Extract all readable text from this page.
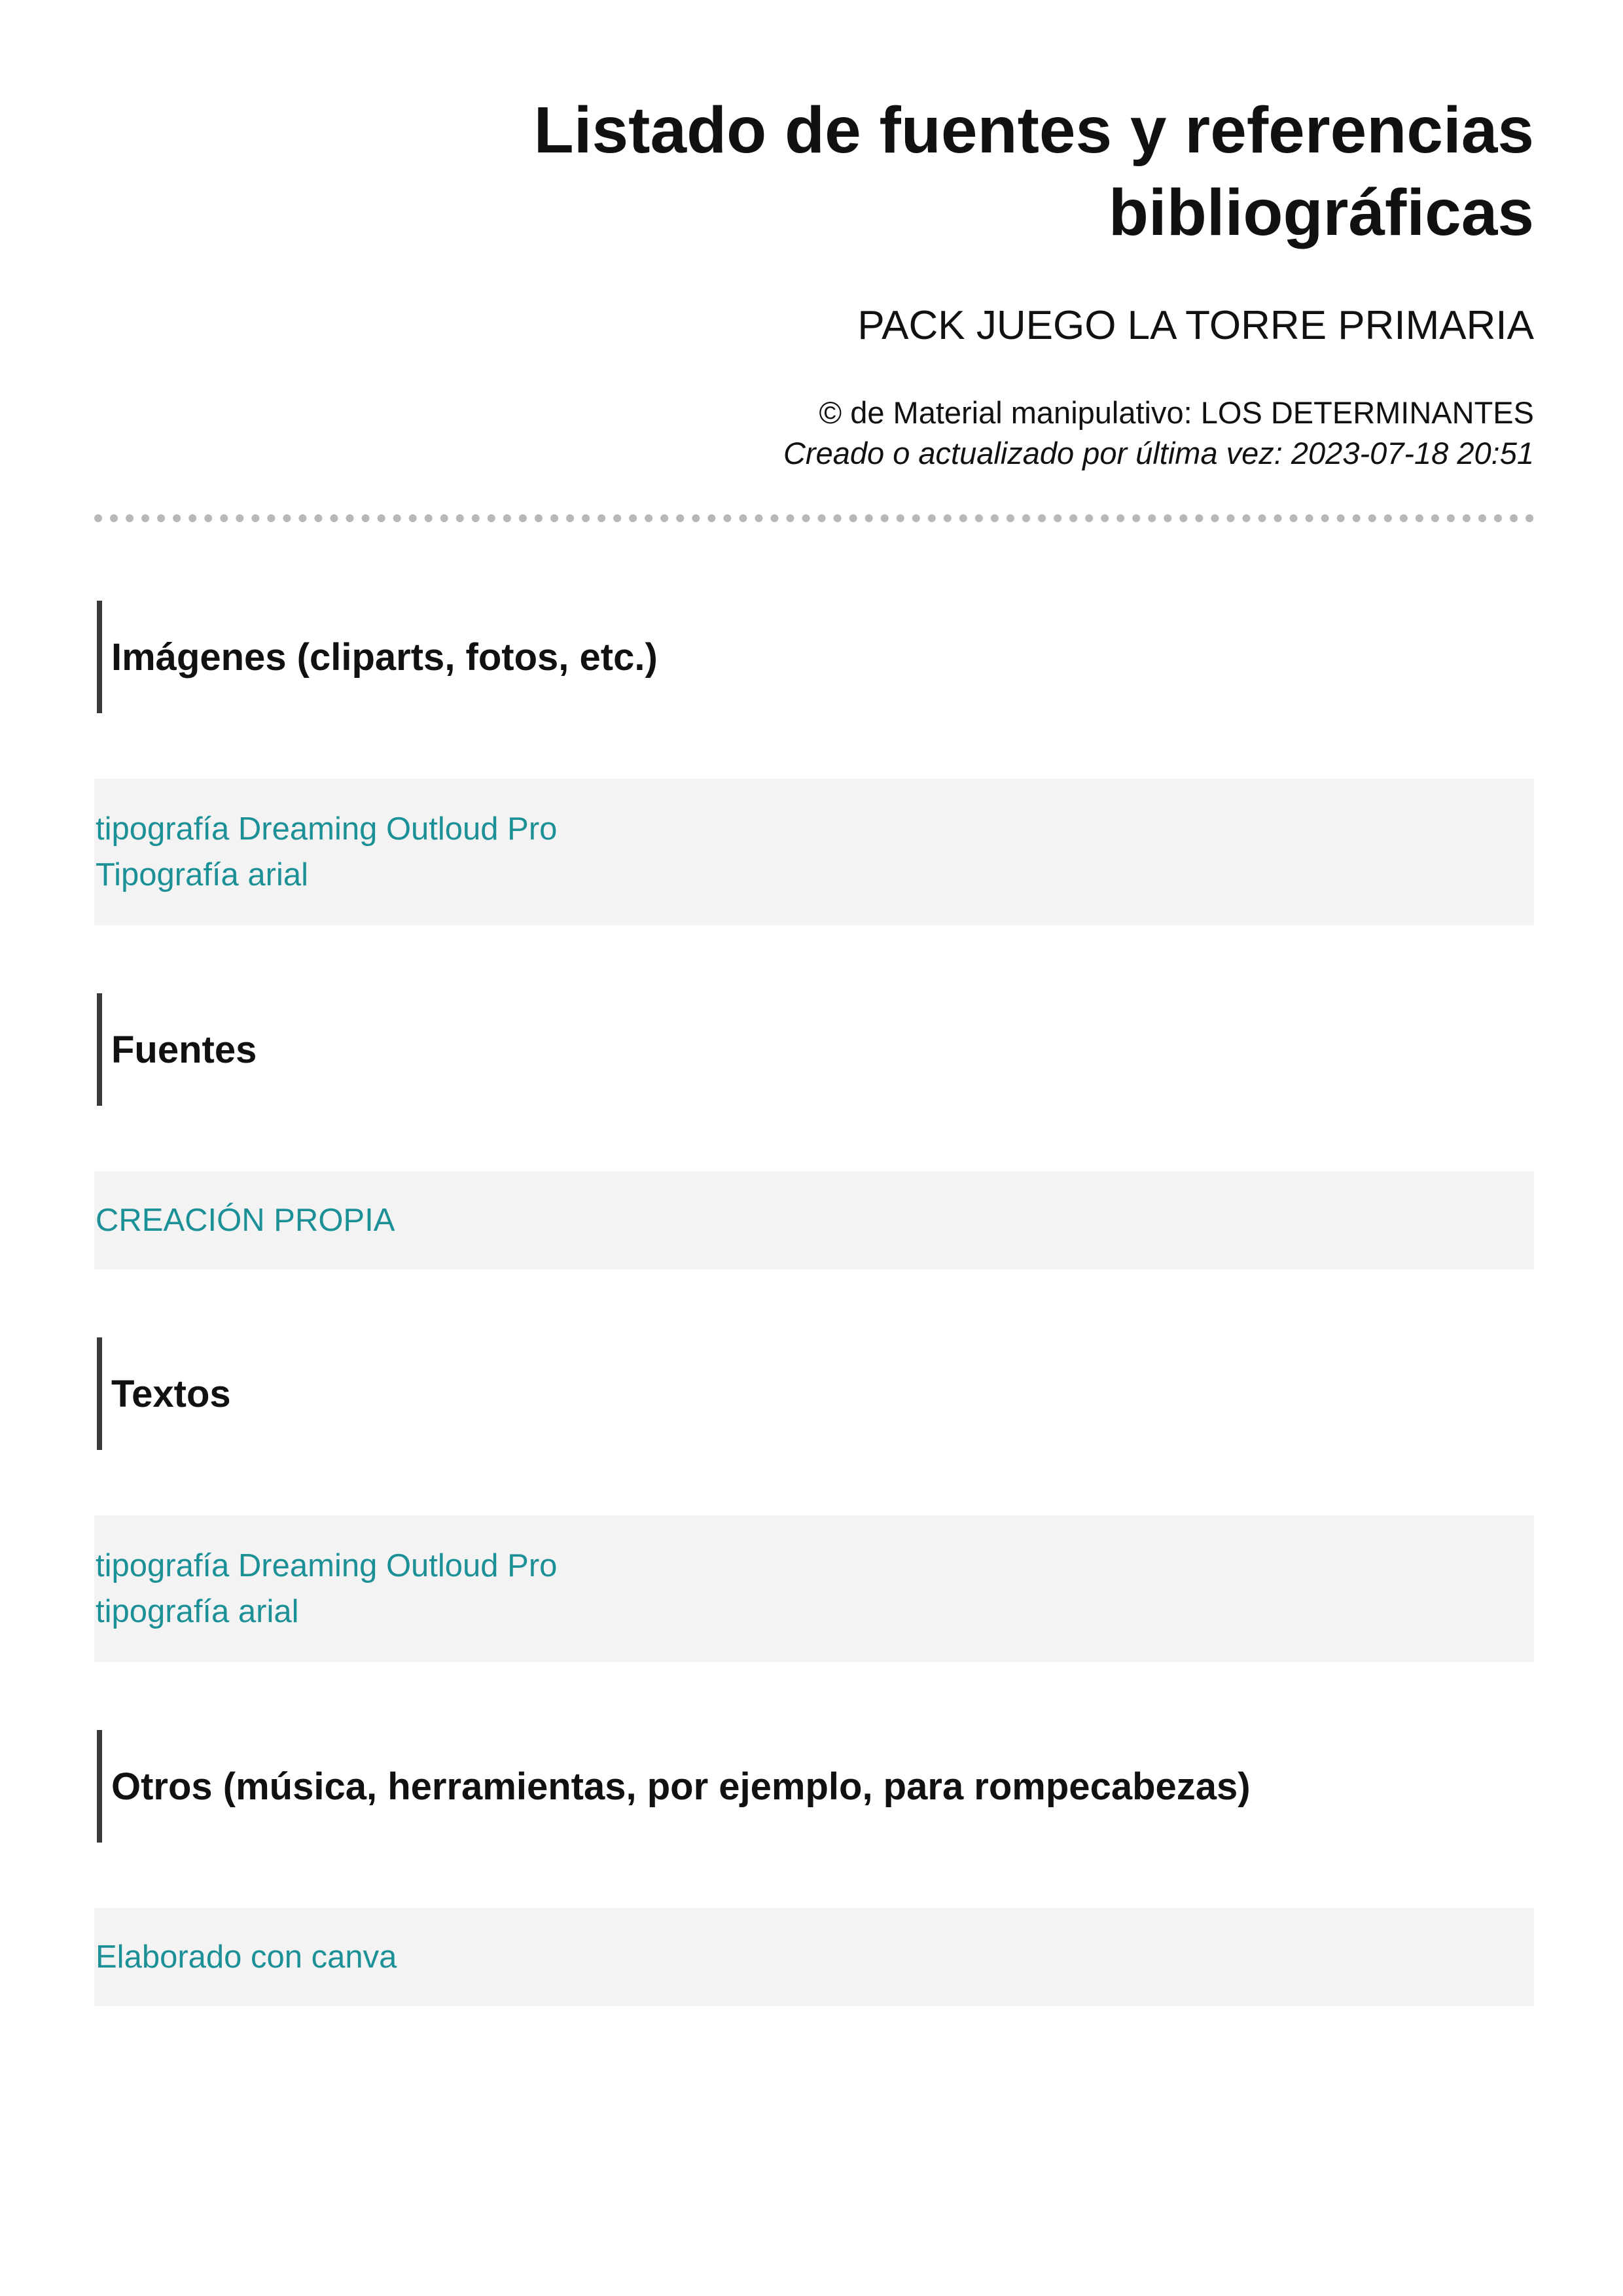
Listado de fuentes y referencias
bibliográficas

PACK JUEGO LA TORRE PRIMARIA

© de Material manipulativo: LOS DETERMINANTES

Creado o actualizado por última vez: 2023-07-18 20:51

Imágenes (cliparts, fotos, etc.)
tipografía Dreaming Outloud Pro
Tipografía arial
Fuentes
CREACIÓN PROPIA
Textos
tipografía Dreaming Outloud Pro
tipografía arial
Otros (música, herramientas, por ejemplo, para rompecabezas)
Elaborado con canva
